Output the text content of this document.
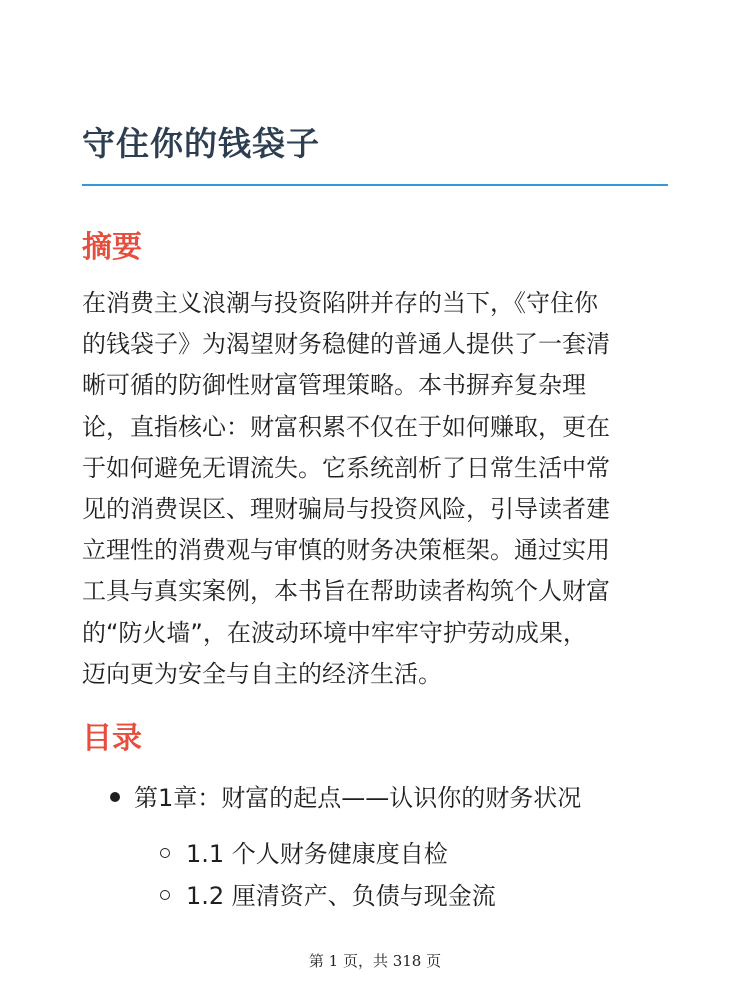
守住你的钱袋子
摘要
在消费主义浪潮与投资陷阱并存的当下，《守住你
的钱袋子》为渴望财务稳健的普通人提供了一套清
晰可循的防御性财富管理策略。本书摒弃复杂理
论，直指核心：财富积累不仅在于如何赚取，更在
于如何避免无谓流失。它系统剖析了日常生活中常
见的消费误区、理财骗局与投资风险，引导读者建
立理性的消费观与审慎的财务决策框架。通过实用
工具与真实案例，本书旨在帮助读者构筑个人财富
的“防火墙”，在波动环境中牢牢守护劳动成果，
迈向更为安全与自主的经济生活。
目录
第1章：财富的起点——认识你的财务状况
1.1 个人财务健康度自检
1.2 厘清资产、负债与现金流
第 1 页，共 318 页
